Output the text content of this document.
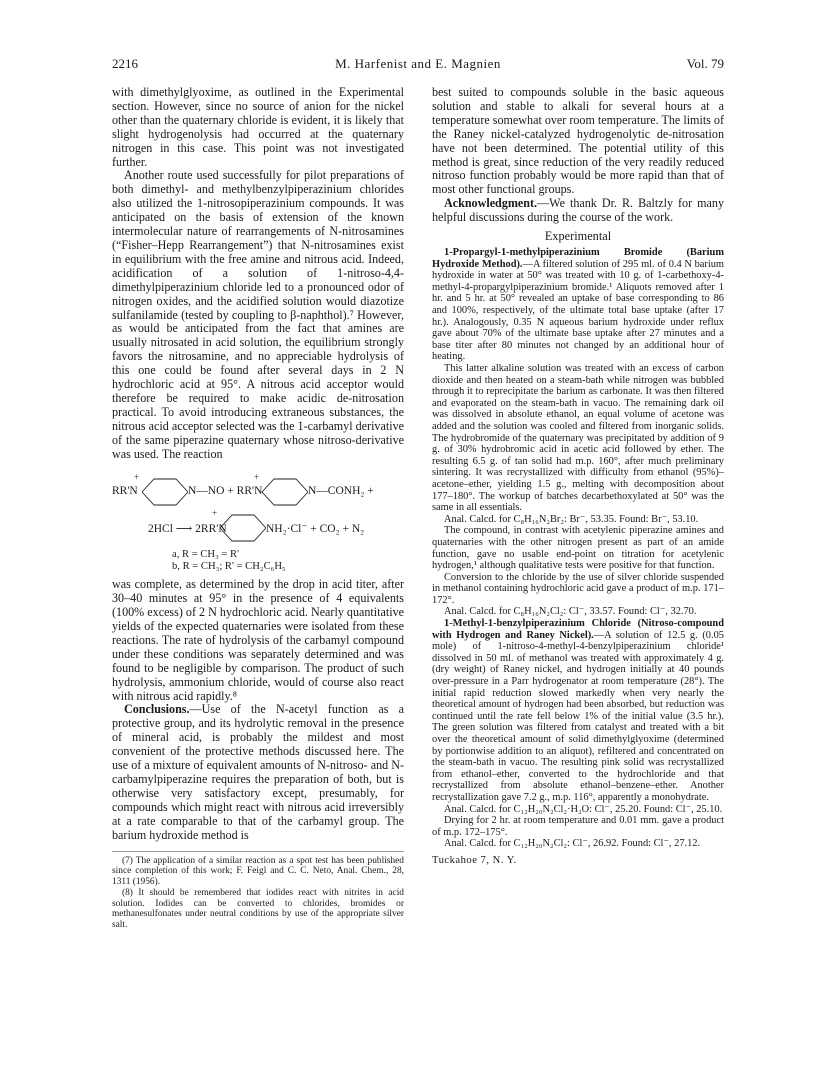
2216	M. Harfenist and E. Magnien	Vol. 79

with dimethylglyoxime, as outlined in the Experimental section. However, since no source of anion for the nickel other than the quaternary chloride is evident, it is likely that slight hydrogenolysis had occurred at the quaternary nitrogen in this case. This point was not investigated further.

Another route used successfully for pilot preparations of both dimethyl- and methylbenzylpiperazinium chlorides also utilized the 1-nitrosopiperazinium compounds. It was anticipated on the basis of extension of the known intermolecular nature of rearrangements of N-nitrosamines (“Fisher–Hepp Rearrangement”) that N-nitrosamines exist in equilibrium with the free amine and nitrous acid. Indeed, acidification of a solution of 1-nitroso-4,4-dimethylpiperazinium chloride led to a pronounced odor of nitrogen oxides, and the acidified solution would diazotize sulfanilamide (tested by coupling to β-naphthol).⁷ However, as would be anticipated from the fact that amines are usually nitrosated in acid solution, the equilibrium strongly favors the nitrosamine, and no appreciable hydrolysis of this one could be found after several days in 2 N hydrochloric acid at 95°. A nitrous acid acceptor would therefore be required to make acidic de-nitrosation practical. To avoid introducing extraneous substances, the nitrous acid acceptor selected was the 1-carbamyl derivative of the same piperazine quaternary whose nitroso-derivative was used. The reaction

+	+
RR'N	N—NO + RR'N	N—CONH₂ +
2HCl ⟶ 2RR'N
+
NH₂·Cl⁻ + CO₂ + N₂

a, R = CH₃ = R'

b, R = CH₃; R' = CH₂C₆H₅

was complete, as determined by the drop in acid titer, after 30–40 minutes at 95° in the presence of 4 equivalents (100% excess) of 2 N hydrochloric acid. Nearly quantitative yields of the expected quaternaries were isolated from these reactions. The rate of hydrolysis of the carbamyl compound under these conditions was separately determined and was found to be negligible by comparison. The product of such hydrolysis, ammonium chloride, would of course also react with nitrous acid rapidly.⁸

Conclusions.—Use of the N-acetyl function as a protective group, and its hydrolytic removal in the presence of mineral acid, is probably the mildest and most convenient of the protective methods discussed here. The use of a mixture of equivalent amounts of N-nitroso- and N-carbamylpiperazine requires the preparation of both, but is otherwise very satisfactory except, presumably, for compounds which might react with nitrous acid irreversibly at a rate comparable to that of the carbamyl group. The barium hydroxide method is

(7) The application of a similar reaction as a spot test has been published since completion of this work; F. Feigl and C. C. Neto, Anal. Chem., 28, 1311 (1956).

(8) It should be remembered that iodides react with nitrites in acid solution. Iodides can be converted to chlorides, bromides or methanesulfonates under neutral conditions by use of the appropriate silver salt.

best suited to compounds soluble in the basic aqueous solution and stable to alkali for several hours at a temperature somewhat over room temperature. The limits of the Raney nickel-catalyzed hydrogenolytic de-nitrosation have not been determined. The potential utility of this method is great, since reduction of the very readily reduced nitroso function probably would be more rapid than that of most other functional groups.

Acknowledgment.—We thank Dr. R. Baltzly for many helpful discussions during the course of the work.

Experimental

1-Propargyl-1-methylpiperazinium Bromide (Barium Hydroxide Method).—A filtered solution of 295 ml. of 0.4 N barium hydroxide in water at 50° was treated with 10 g. of 1-carbethoxy-4-methyl-4-propargylpiperazinium bromide.¹ Aliquots removed after 1 hr. and 5 hr. at 50° revealed an uptake of base corresponding to 86 and 100%, respectively, of the ultimate total base uptake (after 17 hr.). Analogously, 0.35 N aqueous barium hydroxide under reflux gave about 70% of the ultimate base uptake after 27 minutes and a base titer after 80 minutes not changed by an additional hour of heating.

This latter alkaline solution was treated with an excess of carbon dioxide and then heated on a steam-bath while nitrogen was bubbled through it to reprecipitate the barium as carbonate. It was then filtered and evaporated on the steam-bath in vacuo. The remaining dark oil was dissolved in absolute ethanol, an equal volume of acetone was added and the solution was cooled and filtered from inorganic solids. The hydrobromide of the quaternary was precipitated by addition of 9 g. of 30% hydrobromic acid in acetic acid followed by ether. The resulting 6.5 g. of tan solid had m.p. 160°, after much preliminary sintering. It was recrystallized with difficulty from ethanol (95%)–acetone–ether, yielding 1.5 g., melting with decomposition about 177–180°. The workup of batches decarbethoxylated at 50° was the same in all essentials.

Anal. Calcd. for C₈H₁₆N₂Br₂: Br⁻, 53.35. Found: Br⁻, 53.10.

The compound, in contrast with acetylenic piperazine amines and quaternaries with the other nitrogen present as part of an amide function, gave no usable end-point on titration for acetylenic hydrogen,¹ although qualitative tests were positive for that function.

Conversion to the chloride by the use of silver chloride suspended in methanol containing hydrochloric acid gave a product of m.p. 171–172°.

Anal. Calcd. for C₈H₁₆N₂Cl₂: Cl⁻, 33.57. Found: Cl⁻, 32.70.

1-Methyl-1-benzylpiperazinium Chloride (Nitroso-compound with Hydrogen and Raney Nickel).—A solution of 12.5 g. (0.05 mole) of 1-nitroso-4-methyl-4-benzylpiperazinium chloride¹ dissolved in 50 ml. of methanol was treated with approximately 4 g. (dry weight) of Raney nickel, and hydrogen initially at 40 pounds over-pressure in a Parr hydrogenator at room temperature (28°). The initial rapid reduction slowed markedly when very nearly the theoretical amount of hydrogen had been absorbed, but reduction was continued until the rate fell below 1% of the initial value (3.5 hr.). The green solution was filtered from catalyst and treated with a bit over the theoretical amount of solid dimethylglyoxime (determined by portionwise addition to an aliquot), refiltered and concentrated on the steam-bath in vacuo. The resulting pink solid was recrystallized from ethanol–ether, converted to the hydrochloride and that recrystallized from absolute ethanol–benzene–ether. Another recrystallization gave 7.2 g., m.p. 116°, apparently a monohydrate.

Anal. Calcd. for C₁₂H₂₀N₂Cl₂·H₂O: Cl⁻, 25.20. Found: Cl⁻, 25.10.

Drying for 2 hr. at room temperature and 0.01 mm. gave a product of m.p. 172–175°.

Anal. Calcd. for C₁₂H₂₀N₂Cl₂: Cl⁻, 26.92. Found: Cl⁻, 27.12.

Tuckahoe 7, N. Y.
